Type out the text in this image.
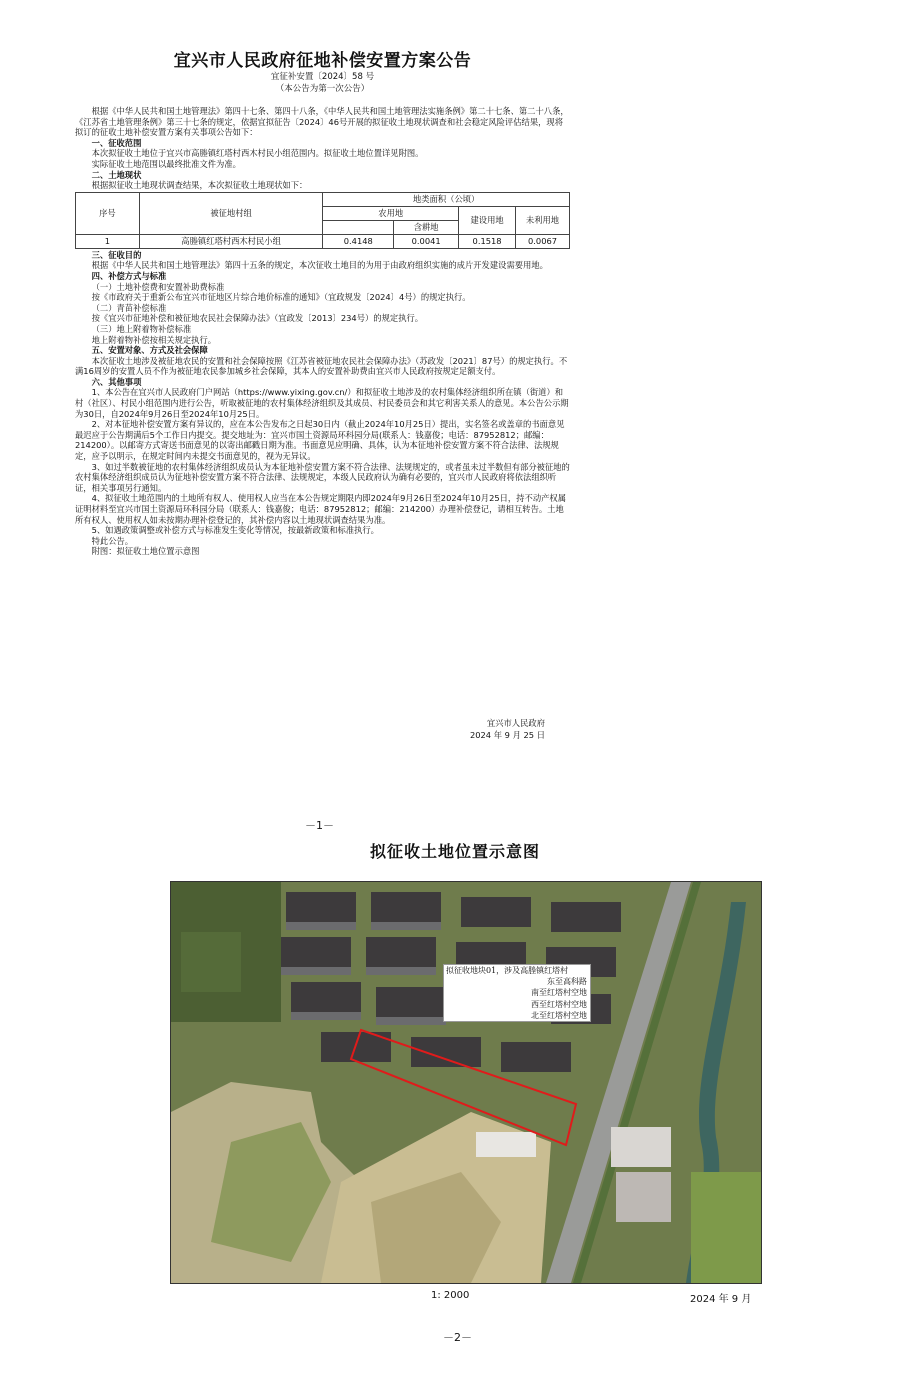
宜兴市人民政府征地补偿安置方案公告
宜征补安置〔2024〕58 号
（本公告为第一次公告）

根据《中华人民共和国土地管理法》第四十七条、第四十八条，《中华人民共和国土地管理法实施条例》第二十七条、第二十八条，《江苏省土地管理条例》第三十七条的规定，依据宜拟征告〔2024〕46号开展的拟征收土地现状调查和社会稳定风险评估结果，现将拟订的征收土地补偿安置方案有关事项公告如下：

一、征收范围

本次拟征收土地位于宜兴市高塍镇红塔村西木村民小组范围内。拟征收土地位置详见附图。

实际征收土地范围以最终批准文件为准。

二、土地现状

根据拟征收土地现状调查结果，本次拟征收土地现状如下：

序号	被征地村组	地类面积（公顷）			
		农用地		建设用地	未利用地
			含耕地		
1	高塍镇红塔村西木村民小组	0.4148	0.0041	0.1518	0.0067

三、征收目的

根据《中华人民共和国土地管理法》第四十五条的规定，本次征收土地目的为用于由政府组织实施的成片开发建设需要用地。

四、补偿方式与标准

（一）土地补偿费和安置补助费标准

按《市政府关于重新公布宜兴市征地区片综合地价标准的通知》（宜政规发〔2024〕4号）的规定执行。

（二）青苗补偿标准

按《宜兴市征地补偿和被征地农民社会保障办法》（宜政发〔2013〕234号）的规定执行。

（三）地上附着物补偿标准

地上附着物补偿按相关规定执行。

五、安置对象、方式及社会保障

本次征收土地涉及被征地农民的安置和社会保障按照《江苏省被征地农民社会保障办法》（苏政发〔2021〕87号）的规定执行。不满16周岁的安置人员不作为被征地农民参加城乡社会保障，其本人的安置补助费由宜兴市人民政府按规定足额支付。

六、其他事项

1、本公告在宜兴市人民政府门户网站（https://www.yixing.gov.cn/）和拟征收土地涉及的农村集体经济组织所在镇（街道）和村（社区）、村民小组范围内进行公告，听取被征地的农村集体经济组织及其成员、村民委员会和其它利害关系人的意见。本公告公示期为30日，自2024年9月26日至2024年10月25日。

2、对本征地补偿安置方案有异议的，应在本公告发布之日起30日内（截止2024年10月25日）提出，实名签名或盖章的书面意见最迟应于公告期满后5个工作日内提交。提交地址为：宜兴市国土资源局环科园分局(联系人：钱嘉俊；电话：87952812；邮编：214200）。以邮寄方式寄送书面意见的以寄出邮戳日期为准。书面意见应明确、具体，认为本征地补偿安置方案不符合法律、法规规定，应予以明示，在规定时间内未提交书面意见的，视为无异议。

3、如过半数被征地的农村集体经济组织成员认为本征地补偿安置方案不符合法律、法规规定的，或者虽未过半数但有部分被征地的农村集体经济组织成员认为征地补偿安置方案不符合法律、法规规定，本级人民政府认为确有必要的，宜兴市人民政府将依法组织听证，相关事项另行通知。

4、拟征收土地范围内的土地所有权人、使用权人应当在本公告规定期限内即2024年9月26日至2024年10月25日，持不动产权属证明材料至宜兴市国土资源局环科园分局（联系人：钱嘉俊；电话：87952812；邮编：214200）办理补偿登记，请相互转告。土地所有权人、使用权人如未按期办理补偿登记的，其补偿内容以土地现状调查结果为准。

5、如遇政策调整或补偿方式与标准发生变化等情况，按最新政策和标准执行。

特此公告。

附图：拟征收土地位置示意图

宜兴市人民政府
2024 年 9 月 25 日
－1－
拟征收土地位置示意图
拟征收地块01，涉及高塍镇红塔村
东至高科路
南至红塔村空地
西至红塔村空地
北至红塔村空地
1: 2000	2024 年 9 月
－2－
